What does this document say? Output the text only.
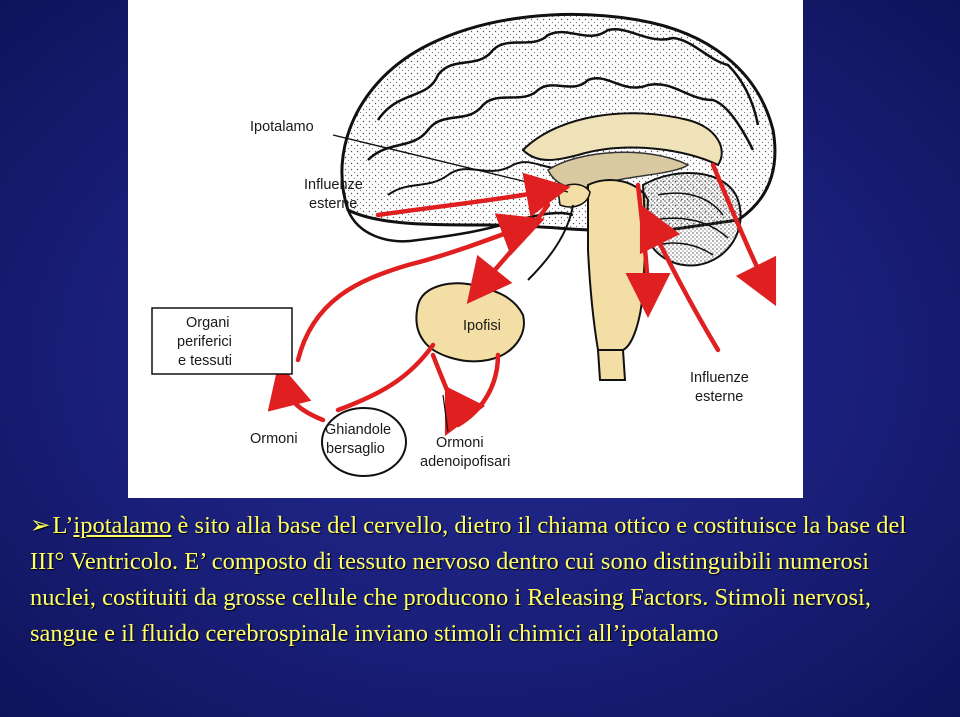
Ipotalamo
Influenze
esterne
Organi
periferici
e tessuti
Ipofisi
Influenze
esterne
Ormoni
Ghiandole
bersaglio	Ormoni
adenoipofisari
➢L’ipotalamo è sito alla base del cervello, dietro il chiama ottico e costituisce la base del III° Ventricolo. E’ composto di tessuto nervoso dentro cui sono distinguibili numerosi nuclei, costituiti da grosse cellule che producono i Releasing Factors. Stimoli nervosi, sangue e il fluido cerebrospinale inviano stimoli chimici all’ipotalamo
